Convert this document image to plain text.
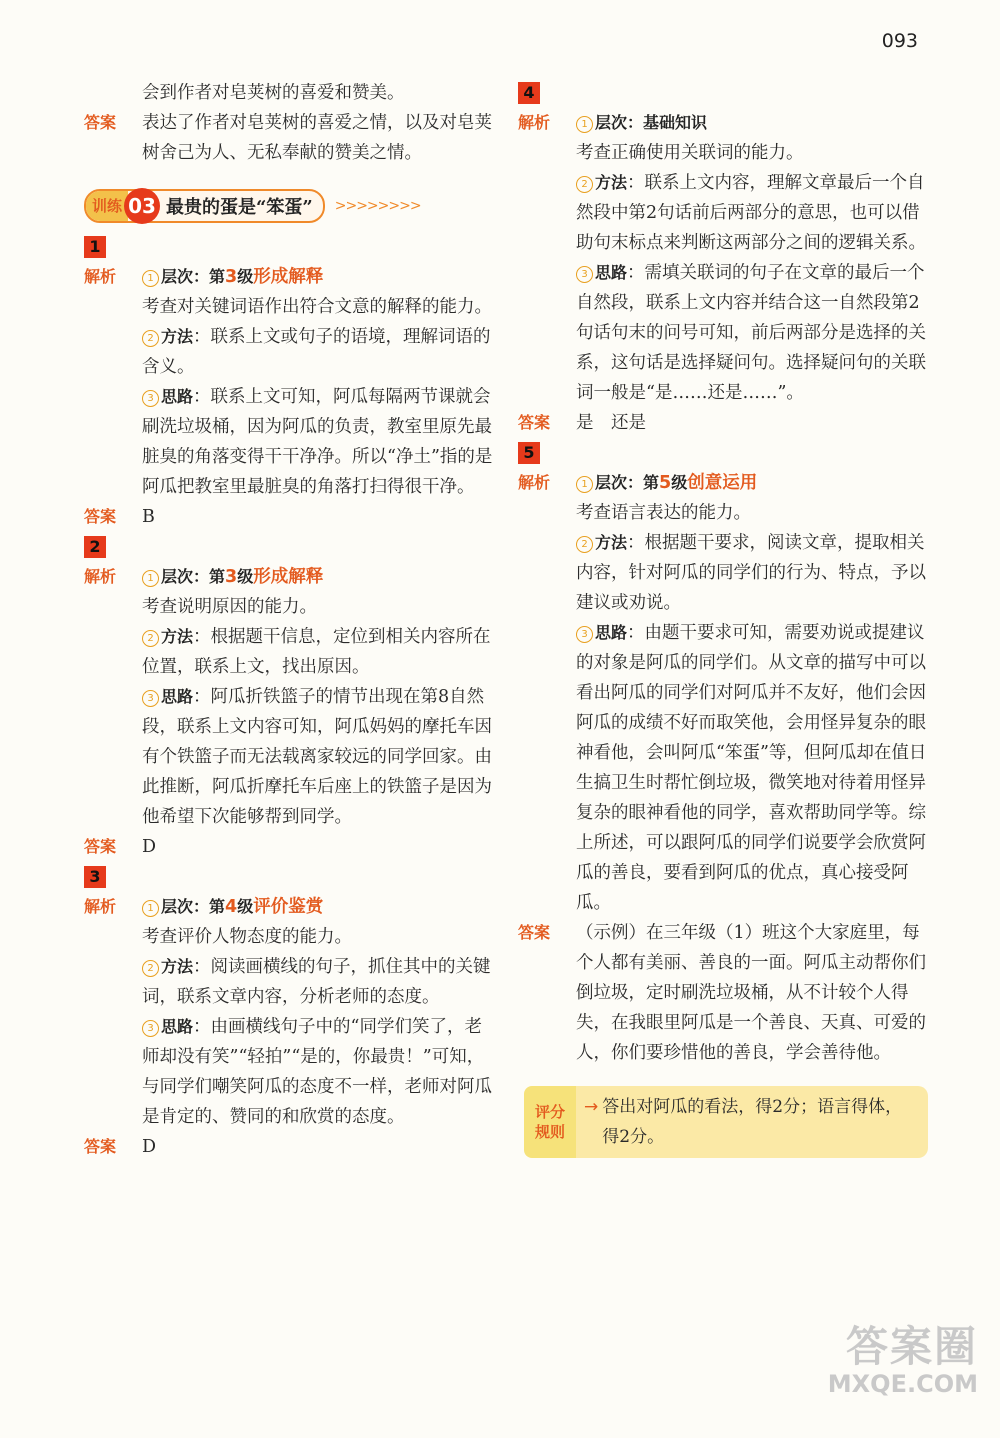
093

会到作者对皂荚树的喜爱和赞美。

答案	表达了作者对皂荚树的喜爱之情，以及对皂荚树舍己为人、无私奉献的赞美之情。

训练 03 最贵的蛋是“笨蛋” >>>>>>>>
1
解析	1 层次：第3级形成解释

考查对关键词语作出符合文意的解释的能力。

2 方法：联系上文或句子的语境，理解词语的含义。

3 思路：联系上文可知，阿瓜每隔两节课就会刷洗垃圾桶，因为阿瓜的负责，教室里原先最脏臭的角落变得干干净净。所以“净土”指的是阿瓜把教室里最脏臭的角落打扫得很干净。

答案	B
2
解析	1 层次：第3级形成解释

考查说明原因的能力。

2 方法：根据题干信息，定位到相关内容所在位置，联系上文，找出原因。

3 思路：阿瓜折铁篮子的情节出现在第8自然段，联系上文内容可知，阿瓜妈妈的摩托车因有个铁篮子而无法载离家较远的同学回家。由此推断，阿瓜折摩托车后座上的铁篮子是因为他希望下次能够帮到同学。

答案	D
3
解析	1 层次：第4级评价鉴赏

考查评价人物态度的能力。

2 方法：阅读画横线的句子，抓住其中的关键词，联系文章内容，分析老师的态度。

3 思路：由画横线句子中的“同学们笑了，老师却没有笑”“轻拍”“是的，你最贵！”可知，与同学们嘲笑阿瓜的态度不一样，老师对阿瓜是肯定的、赞同的和欣赏的态度。

答案	D
4
解析	1 层次：基础知识

考查正确使用关联词的能力。

2 方法：联系上文内容，理解文章最后一个自然段中第2句话前后两部分的意思，也可以借助句末标点来判断这两部分之间的逻辑关系。

3 思路：需填关联词的句子在文章的最后一个自然段，联系上文内容并结合这一自然段第2句话句末的问号可知，前后两部分是选择的关系，这句话是选择疑问句。选择疑问句的关联词一般是“是……还是……”。

答案	是　还是
5
解析	1 层次：第5级创意运用

考查语言表达的能力。

2 方法：根据题干要求，阅读文章，提取相关内容，针对阿瓜的同学们的行为、特点，予以建议或劝说。

3 思路：由题干要求可知，需要劝说或提建议的对象是阿瓜的同学们。从文章的描写中可以看出阿瓜的同学们对阿瓜并不友好，他们会因阿瓜的成绩不好而取笑他，会用怪异复杂的眼神看他，会叫阿瓜“笨蛋”等，但阿瓜却在值日生搞卫生时帮忙倒垃圾，微笑地对待着用怪异复杂的眼神看他的同学，喜欢帮助同学等。综上所述，可以跟阿瓜的同学们说要学会欣赏阿瓜的善良，要看到阿瓜的优点，真心接受阿瓜。

答案	（示例）在三年级（1）班这个大家庭里，每个人都有美丽、善良的一面。阿瓜主动帮你们倒垃圾，定时刷洗垃圾桶，从不计较个人得失，在我眼里阿瓜是一个善良、天真、可爱的人，你们要珍惜他的善良，学会善待他。
评分
规则
→ 答出对阿瓜的看法，得2分；语言得体，得2分。
答案圈
MXQE.COM
